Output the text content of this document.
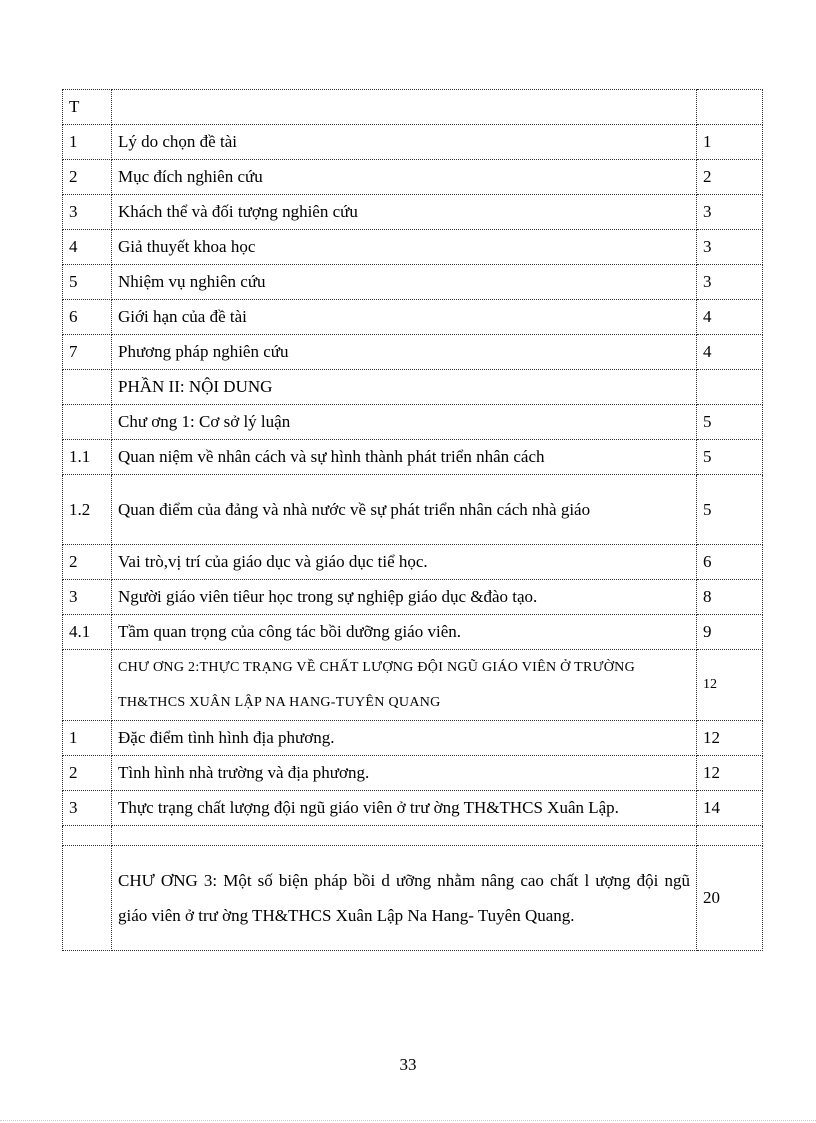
T		
1	Lý do chọn đề tài	1
2	Mục đích nghiên cứu	2
3	Khách thể và đối tượng nghiên cứu	3
4	Giả thuyết khoa học	3
5	Nhiệm vụ nghiên cứu	3
6	Giới hạn của đề tài	4
7	Phương pháp nghiên cứu	4
	PHẦN II: NỘI DUNG	
	Chư ơng 1: Cơ sở lý luận	5
1.1	Quan niệm về nhân cách và sự hình thành phát triển nhân cách	5
1.2	Quan điểm của đảng và nhà nước về sự phát triển nhân cách nhà giáo	5
2	Vai trò,vị trí của giáo dục và giáo dục tiể học.	6
3	Người giáo viên tiêur học trong sự nghiệp giáo dục &đào tạo.	8
4.1	Tầm quan trọng của công tác bồi dưỡng giáo viên.	9
	CHƯ ƠNG 2:THỰC TRẠNG VỀ CHẤT LƯỢNG ĐỘI NGŨ GIÁO VIÊN Ở TRƯỜNG TH&THCS XUÂN LẬP NA HANG-TUYÊN QUANG	12
1	Đặc điểm tình hình địa phương.	12
2	Tình hình nhà trường và địa phương.	12
3	Thực trạng chất lượng đội ngũ giáo viên ở trư ờng TH&THCS Xuân Lập.	14

	CHƯ ƠNG 3: Một số biện pháp bồi d ưỡng nhằm nâng cao chất l ượng đội ngũ giáo viên ở trư ờng TH&THCS Xuân Lập Na Hang- Tuyên Quang.	20
33
